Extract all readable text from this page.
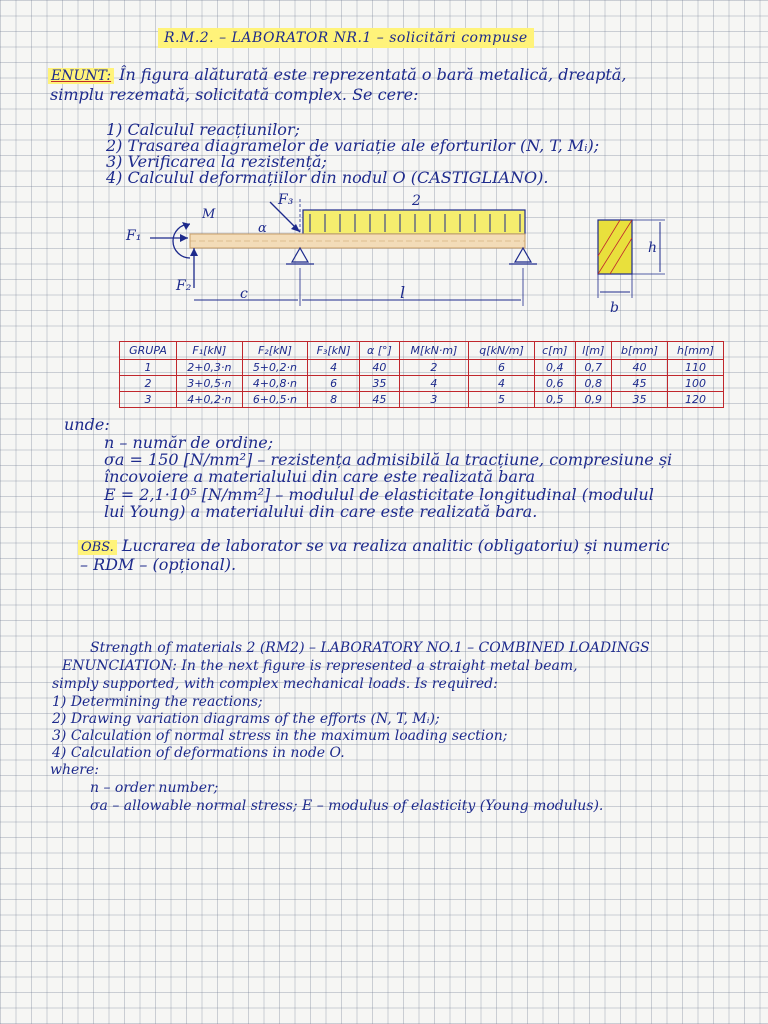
R.M.2. – LABORATOR NR.1 – solicitări compuse
ENUNT: În figura alăturată este reprezentată o bară metalică, dreaptă,
simplu rezemată, solicitată complex. Se cere:
1) Calculul reacțiunilor;
2) Trasarea diagramelor de variație ale eforturilor (N, T, Mᵢ);
3) Verificarea la rezistență;
4) Calculul deformațiilor din nodul O (CASTIGLIANO).
F₁
F₂
M
F₃
α
2
c	l
h
b
GRUPA	F₁[kN]	F₂[kN]	F₃[kN]	α [°]	M[kN·m]	q[kN/m]	c[m]	l[m]	b[mm]	h[mm]
1	2+0,3·n	5+0,2·n	4	40	2	6	0,4	0,7	40	110
2	3+0,5·n	4+0,8·n	6	35	4	4	0,6	0,8	45	100
3	4+0,2·n	6+0,5·n	8	45	3	5	0,5	0,9	35	120
unde:
n – număr de ordine;
σa = 150 [N/mm²] – rezistența admisibilă la tracțiune, compresiune și
încovoiere a materialului din care este realizată bara
E = 2,1·10⁵ [N/mm²] – modulul de elasticitate longitudinal (modulul
lui Young) a materialului din care este realizată bara.
OBS. Lucrarea de laborator se va realiza analitic (obligatoriu) și numeric
– RDM – (opțional).
Strength of materials 2 (RM2) – LABORATORY NO.1 – COMBINED LOADINGS
ENUNCIATION: In the next figure is represented a straight metal beam,
simply supported, with complex mechanical loads. Is required:
1) Determining the reactions;
2) Drawing variation diagrams of the efforts (N, T, Mᵢ);
3) Calculation of normal stress in the maximum loading section;
4) Calculation of deformations in node O.
where:
n – order number;
σa – allowable normal stress; E – modulus of elasticity (Young modulus).
